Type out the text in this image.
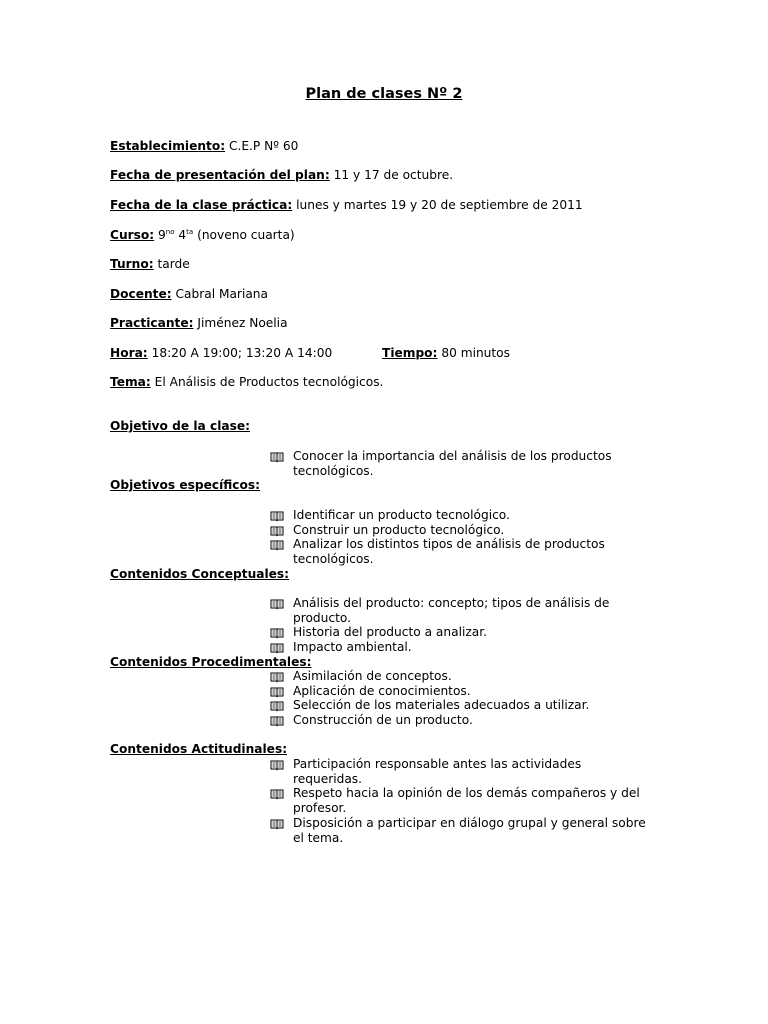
Plan de clases Nº 2
Establecimiento: C.E.P Nº 60
Fecha de presentación del plan: 11 y 17 de octubre.
Fecha de la clase práctica: lunes y martes 19 y 20 de septiembre de 2011
Curso: $9^{no}$ $4^{ta}$ (noveno cuarta)
Turno: tarde
Docente: Cabral Mariana
Practicante: Jiménez Noelia
Hora: 18:20 A 19:00; 13:20 A 14:00	Tiempo: 80 minutos
Tema: El Análisis de Productos tecnológicos.
Objetivo de la clase:
Conocer la importancia del análisis de los productos tecnológicos.
Objetivos específicos:
Identificar un producto tecnológico.
Construir un producto tecnológico.
Analizar los distintos tipos de análisis de productos tecnológicos.
Contenidos Conceptuales:
Análisis del producto: concepto; tipos de análisis de producto.
Historia del producto a analizar.
Impacto ambiental.
Contenidos Procedimentales:
Asimilación de conceptos.
Aplicación de conocimientos.
Selección de los materiales adecuados a utilizar.
Construcción de un producto.
Contenidos Actitudinales:
Participación responsable antes las actividades requeridas.
Respeto hacia la opinión de los demás compañeros y del profesor.
Disposición a participar en diálogo grupal y general sobre el tema.
